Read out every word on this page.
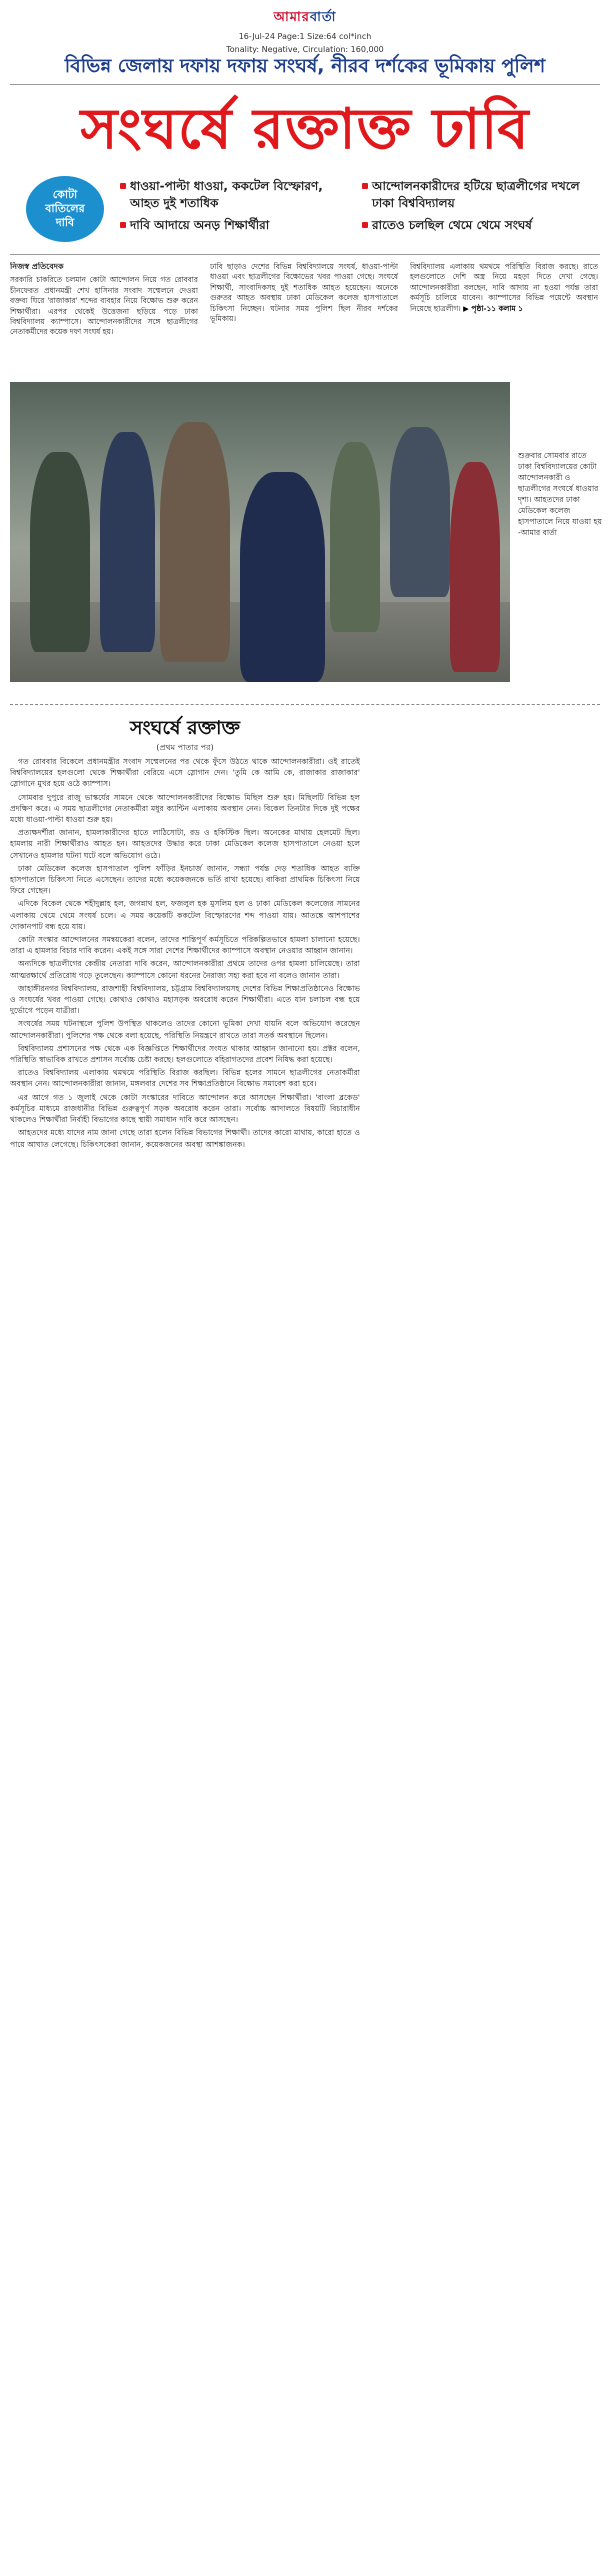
আমারবার্তা
16-Jul-24 Page:1 Size:64 col*inch
Tonality: Negative, Circulation: 160,000
বিভিন্ন জেলায় দফায় দফায় সংঘর্ষ, নীরব দর্শকের ভূমিকায় পুলিশ
সংঘর্ষে রক্তাক্ত ঢাবি
কোটা
বাতিলের
দাবি
ধাওয়া-পাল্টা ধাওয়া, ককটেল বিস্ফোরণ, আহত দুই শতাধিক
দাবি আদায়ে অনড় শিক্ষার্থীরা
আন্দোলনকারীদের হটিয়ে ছাত্রলীগের দখলে ঢাকা বিশ্ববিদ্যালয়
রাতেও চলছিল থেমে থেমে সংঘর্ষ
নিজস্ব প্রতিবেদক
সরকারি চাকরিতে চলমান কোটা আন্দোলন নিয়ে গত রোববার চীনফেরত প্রধানমন্ত্রী শেখ হাসিনার সংবাদ সম্মেলনে দেওয়া বক্তব্য ঘিরে 'রাজাকার' শব্দের ব্যবহার নিয়ে বিক্ষোভ শুরু করেন শিক্ষার্থীরা। এরপর থেকেই উত্তেজনা ছড়িয়ে পড়ে ঢাকা বিশ্ববিদ্যালয় ক্যাম্পাসে। আন্দোলনকারীদের সঙ্গে ছাত্রলীগের নেতাকর্মীদের কয়েক দফা সংঘর্ষ হয়।
ঢাবি ছাড়াও দেশের বিভিন্ন বিশ্ববিদ্যালয়ে সংঘর্ষ, ধাওয়া-পাল্টা ধাওয়া এবং ছাত্রলীগের বিক্ষোভের খবর পাওয়া গেছে। সংঘর্ষে শিক্ষার্থী, সাংবাদিকসহ দুই শতাধিক আহত হয়েছেন। অনেকে গুরুতর আহত অবস্থায় ঢাকা মেডিকেল কলেজ হাসপাতালে চিকিৎসা নিচ্ছেন। ঘটনার সময় পুলিশ ছিল নীরব দর্শকের ভূমিকায়।
বিশ্ববিদ্যালয় এলাকায় থমথমে পরিস্থিতি বিরাজ করছে। রাতে হলগুলোতে দেশি অস্ত্র নিয়ে মহড়া দিতে দেখা গেছে। আন্দোলনকারীরা বলছেন, দাবি আদায় না হওয়া পর্যন্ত তারা কর্মসূচি চালিয়ে যাবেন। ক্যাম্পাসের বিভিন্ন পয়েন্টে অবস্থান নিয়েছে ছাত্রলীগ। ▶ পৃষ্ঠা-১১ কলাম ১
শুক্রবার সোমবার রাতে ঢাকা বিশ্ববিদ্যালয়ের কোটা আন্দোলনকারী ও ছাত্রলীগের সংঘর্ষে ধাওয়ার দৃশ্য। আহতদের ঢাকা মেডিকেল কলেজ হাসপাতালে নিয়ে যাওয়া হয় -আমার বার্তা
সংঘর্ষে রক্তাক্ত
(প্রথম পাতার পর)

গত রোববার বিকেলে প্রধানমন্ত্রীর সংবাদ সম্মেলনের পর থেকে ফুঁসে উঠতে থাকে আন্দোলনকারীরা। ওই রাতেই বিশ্ববিদ্যালয়ের হলগুলো থেকে শিক্ষার্থীরা বেরিয়ে এসে স্লোগান দেন। 'তুমি কে আমি কে, রাজাকার রাজাকার' স্লোগানে মুখর হয়ে ওঠে ক্যাম্পাস।

সোমবার দুপুরে রাজু ভাস্কর্যের সামনে থেকে আন্দোলনকারীদের বিক্ষোভ মিছিল শুরু হয়। মিছিলটি বিভিন্ন হল প্রদক্ষিণ করে। এ সময় ছাত্রলীগের নেতাকর্মীরা মধুর ক্যান্টিন এলাকায় অবস্থান নেন। বিকেল তিনটার দিকে দুই পক্ষের মধ্যে ধাওয়া-পাল্টা ধাওয়া শুরু হয়।

প্রত্যক্ষদর্শীরা জানান, হামলাকারীদের হাতে লাঠিসোটা, রড ও হকিস্টিক ছিল। অনেকের মাথায় হেলমেট ছিল। হামলায় নারী শিক্ষার্থীরাও আহত হন। আহতদের উদ্ধার করে ঢাকা মেডিকেল কলেজ হাসপাতালে নেওয়া হলে সেখানেও হামলার ঘটনা ঘটে বলে অভিযোগ ওঠে।

ঢাকা মেডিকেল কলেজ হাসপাতাল পুলিশ ফাঁড়ির ইনচার্জ জানান, সন্ধ্যা পর্যন্ত দেড় শতাধিক আহত ব্যক্তি হাসপাতালে চিকিৎসা নিতে এসেছেন। তাদের মধ্যে কয়েকজনকে ভর্তি রাখা হয়েছে। বাকিরা প্রাথমিক চিকিৎসা নিয়ে ফিরে গেছেন।

এদিকে বিকেল থেকে শহীদুল্লাহ হল, জগন্নাথ হল, ফজলুল হক মুসলিম হল ও ঢাকা মেডিকেল কলেজের সামনের এলাকায় থেমে থেমে সংঘর্ষ চলে। এ সময় কয়েকটি ককটেল বিস্ফোরণের শব্দ পাওয়া যায়। আতঙ্কে আশপাশের দোকানপাট বন্ধ হয়ে যায়।

কোটা সংস্কার আন্দোলনের সমন্বয়কেরা বলেন, তাদের শান্তিপূর্ণ কর্মসূচিতে পরিকল্পিতভাবে হামলা চালানো হয়েছে। তারা এ হামলার বিচার দাবি করেন। একই সঙ্গে সারা দেশের শিক্ষার্থীদের ক্যাম্পাসে অবস্থান নেওয়ার আহ্বান জানান।

অন্যদিকে ছাত্রলীগের কেন্দ্রীয় নেতারা দাবি করেন, আন্দোলনকারীরা প্রথমে তাদের ওপর হামলা চালিয়েছে। তারা আত্মরক্ষার্থে প্রতিরোধ গড়ে তুলেছেন। ক্যাম্পাসে কোনো ধরনের নৈরাজ্য সহ্য করা হবে না বলেও জানান তারা।

জাহাঙ্গীরনগর বিশ্ববিদ্যালয়, রাজশাহী বিশ্ববিদ্যালয়, চট্টগ্রাম বিশ্ববিদ্যালয়সহ দেশের বিভিন্ন শিক্ষাপ্রতিষ্ঠানেও বিক্ষোভ ও সংঘর্ষের খবর পাওয়া গেছে। কোথাও কোথাও মহাসড়ক অবরোধ করেন শিক্ষার্থীরা। এতে যান চলাচল বন্ধ হয়ে দুর্ভোগে পড়েন যাত্রীরা।

সংঘর্ষের সময় ঘটনাস্থলে পুলিশ উপস্থিত থাকলেও তাদের কোনো ভূমিকা দেখা যায়নি বলে অভিযোগ করেছেন আন্দোলনকারীরা। পুলিশের পক্ষ থেকে বলা হয়েছে, পরিস্থিতি নিয়ন্ত্রণে রাখতে তারা সতর্ক অবস্থানে ছিলেন।

বিশ্ববিদ্যালয় প্রশাসনের পক্ষ থেকে এক বিজ্ঞপ্তিতে শিক্ষার্থীদের সংযত থাকার আহ্বান জানানো হয়। প্রক্টর বলেন, পরিস্থিতি স্বাভাবিক রাখতে প্রশাসন সর্বোচ্চ চেষ্টা করছে। হলগুলোতে বহিরাগতদের প্রবেশ নিষিদ্ধ করা হয়েছে।

রাতেও বিশ্ববিদ্যালয় এলাকায় থমথমে পরিস্থিতি বিরাজ করছিল। বিভিন্ন হলের সামনে ছাত্রলীগের নেতাকর্মীরা অবস্থান নেন। আন্দোলনকারীরা জানান, মঙ্গলবার দেশের সব শিক্ষাপ্রতিষ্ঠানে বিক্ষোভ সমাবেশ করা হবে।

এর আগে গত ১ জুলাই থেকে কোটা সংস্কারের দাবিতে আন্দোলন করে আসছেন শিক্ষার্থীরা। 'বাংলা ব্লকেড' কর্মসূচির মাধ্যমে রাজধানীর বিভিন্ন গুরুত্বপূর্ণ সড়ক অবরোধ করেন তারা। সর্বোচ্চ আদালতে বিষয়টি বিচারাধীন থাকলেও শিক্ষার্থীরা নির্বাহী বিভাগের কাছে স্থায়ী সমাধান দাবি করে আসছেন।

আহতদের মধ্যে যাদের নাম জানা গেছে তারা হলেন বিভিন্ন বিভাগের শিক্ষার্থী। তাদের কারো মাথায়, কারো হাতে ও পায়ে আঘাত লেগেছে। চিকিৎসকেরা জানান, কয়েকজনের অবস্থা আশঙ্কাজনক।
